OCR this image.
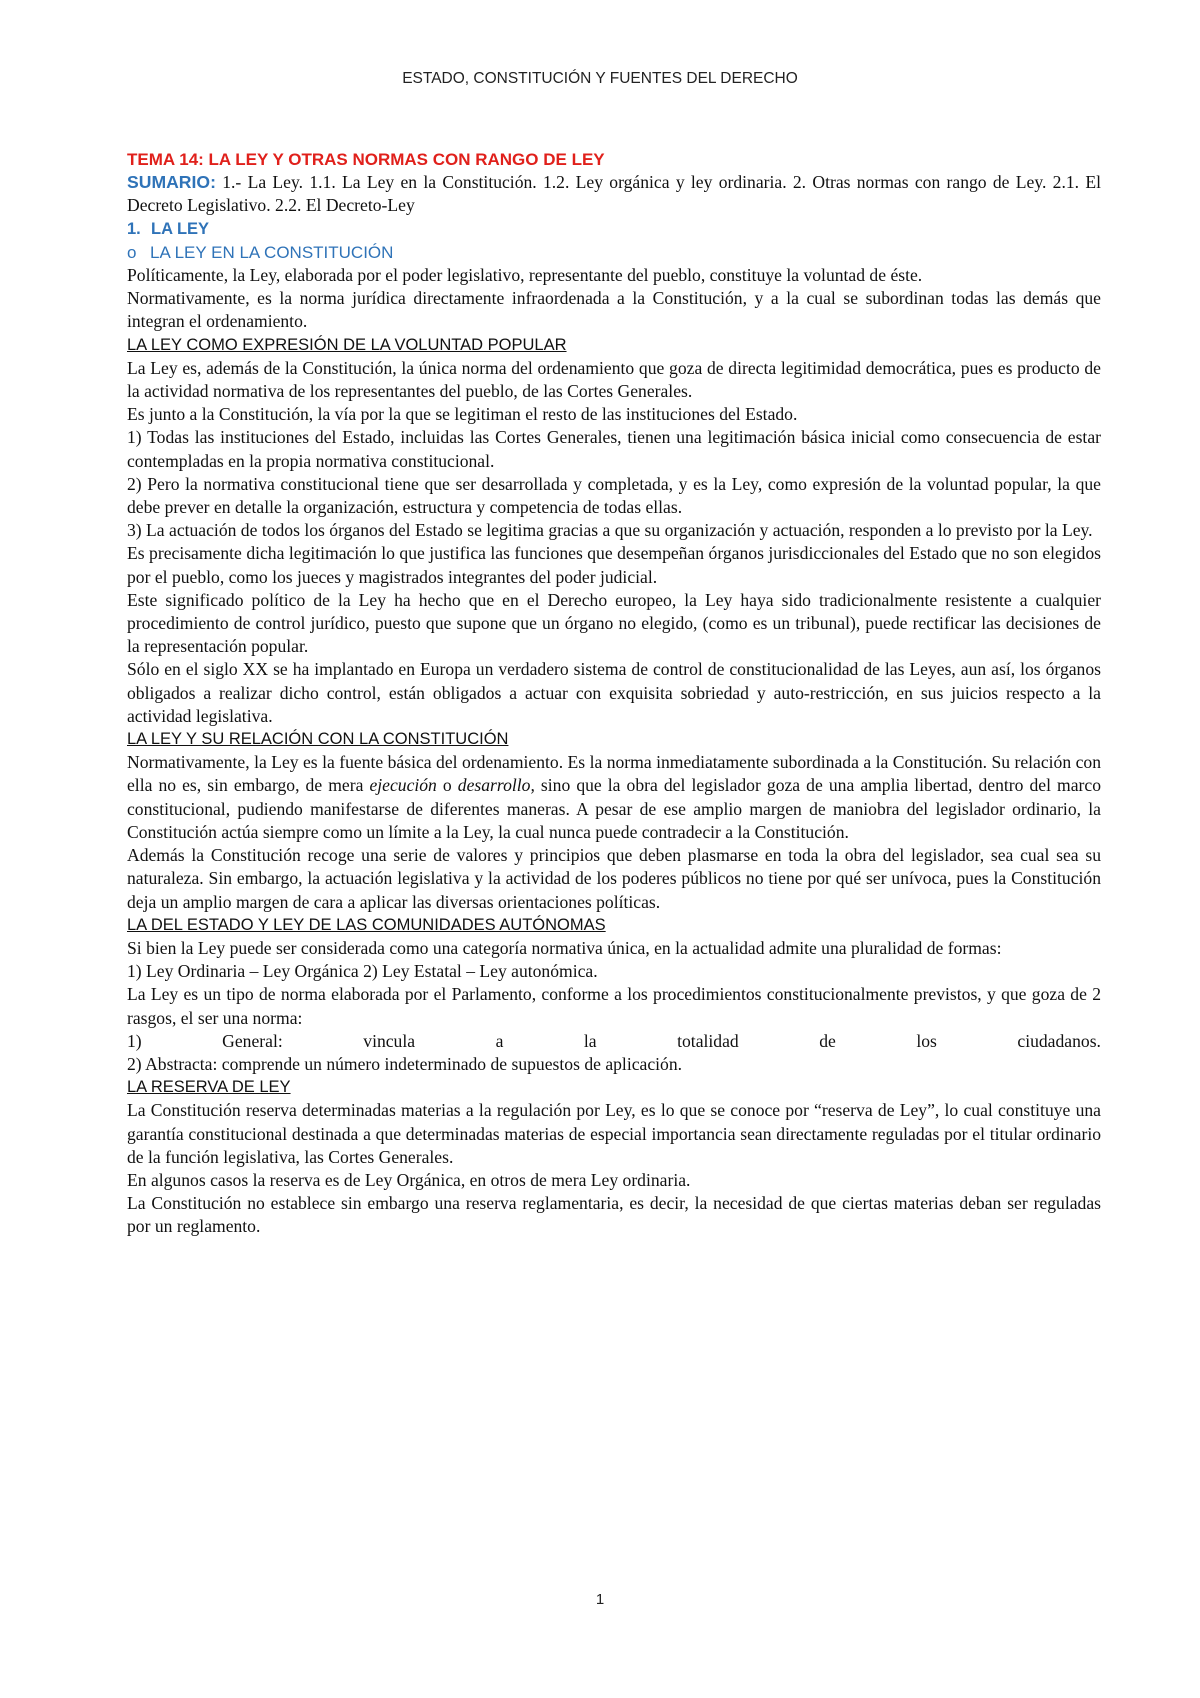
ESTADO, CONSTITUCIÓN Y FUENTES DEL DERECHO

TEMA 14: LA LEY Y OTRAS NORMAS CON RANGO DE LEY

SUMARIO: 1.- La Ley. 1.1. La Ley en la Constitución. 1.2. Ley orgánica y ley ordinaria. 2. Otras normas con rango de Ley. 2.1. El Decreto Legislativo. 2.2. El Decreto-Ley

1. LA LEY

o LA LEY EN LA CONSTITUCIÓN

Políticamente, la Ley, elaborada por el poder legislativo, representante del pueblo, constituye la voluntad de éste.

Normativamente, es la norma jurídica directamente infraordenada a la Constitución, y a la cual se subordinan todas las demás que integran el ordenamiento.

LA LEY COMO EXPRESIÓN DE LA VOLUNTAD POPULAR

La Ley es, además de la Constitución, la única norma del ordenamiento que goza de directa legitimidad democrática, pues es producto de la actividad normativa de los representantes del pueblo, de las Cortes Generales.

Es junto a la Constitución, la vía por la que se legitiman el resto de las instituciones del Estado.

1) Todas las instituciones del Estado, incluidas las Cortes Generales, tienen una legitimación básica inicial como consecuencia de estar contempladas en la propia normativa constitucional.

2) Pero la normativa constitucional tiene que ser desarrollada y completada, y es la Ley, como expresión de la voluntad popular, la que debe prever en detalle la organización, estructura y competencia de todas ellas.

3) La actuación de todos los órganos del Estado se legitima gracias a que su organización y actuación, responden a lo previsto por la Ley.

Es precisamente dicha legitimación lo que justifica las funciones que desempeñan órganos jurisdiccionales del Estado que no son elegidos por el pueblo, como los jueces y magistrados integrantes del poder judicial.

Este significado político de la Ley ha hecho que en el Derecho europeo, la Ley haya sido tradicionalmente resistente a cualquier procedimiento de control jurídico, puesto que supone que un órgano no elegido, (como es un tribunal), puede rectificar las decisiones de la representación popular.

Sólo en el siglo XX se ha implantado en Europa un verdadero sistema de control de constitucionalidad de las Leyes, aun así, los órganos obligados a realizar dicho control, están obligados a actuar con exquisita sobriedad y auto-restricción, en sus juicios respecto a la actividad legislativa.

LA LEY Y SU RELACIÓN CON LA CONSTITUCIÓN

Normativamente, la Ley es la fuente básica del ordenamiento. Es la norma inmediatamente subordinada a la Constitución. Su relación con ella no es, sin embargo, de mera ejecución o desarrollo, sino que la obra del legislador goza de una amplia libertad, dentro del marco constitucional, pudiendo manifestarse de diferentes maneras. A pesar de ese amplio margen de maniobra del legislador ordinario, la Constitución actúa siempre como un límite a la Ley, la cual nunca puede contradecir a la Constitución.

Además la Constitución recoge una serie de valores y principios que deben plasmarse en toda la obra del legislador, sea cual sea su naturaleza. Sin embargo, la actuación legislativa y la actividad de los poderes públicos no tiene por qué ser unívoca, pues la Constitución deja un amplio margen de cara a aplicar las diversas orientaciones políticas.

LA DEL ESTADO Y LEY DE LAS COMUNIDADES AUTÓNOMAS

Si bien la Ley puede ser considerada como una categoría normativa única, en la actualidad admite una pluralidad de formas:

1) Ley Ordinaria – Ley Orgánica 2) Ley Estatal – Ley autonómica.

La Ley es un tipo de norma elaborada por el Parlamento, conforme a los procedimientos constitucionalmente previstos, y que goza de 2 rasgos, el ser una norma:

1)	General:	vincula	a	la	totalidad	de	los	ciudadanos.

2) Abstracta: comprende un número indeterminado de supuestos de aplicación.

LA RESERVA DE LEY

La Constitución reserva determinadas materias a la regulación por Ley, es lo que se conoce por “reserva de Ley”, lo cual constituye una garantía constitucional destinada a que determinadas materias de especial importancia sean directamente reguladas por el titular ordinario de la función legislativa, las Cortes Generales.

En algunos casos la reserva es de Ley Orgánica, en otros de mera Ley ordinaria.

La Constitución no establece sin embargo una reserva reglamentaria, es decir, la necesidad de que ciertas materias deban ser reguladas por un reglamento.

1
